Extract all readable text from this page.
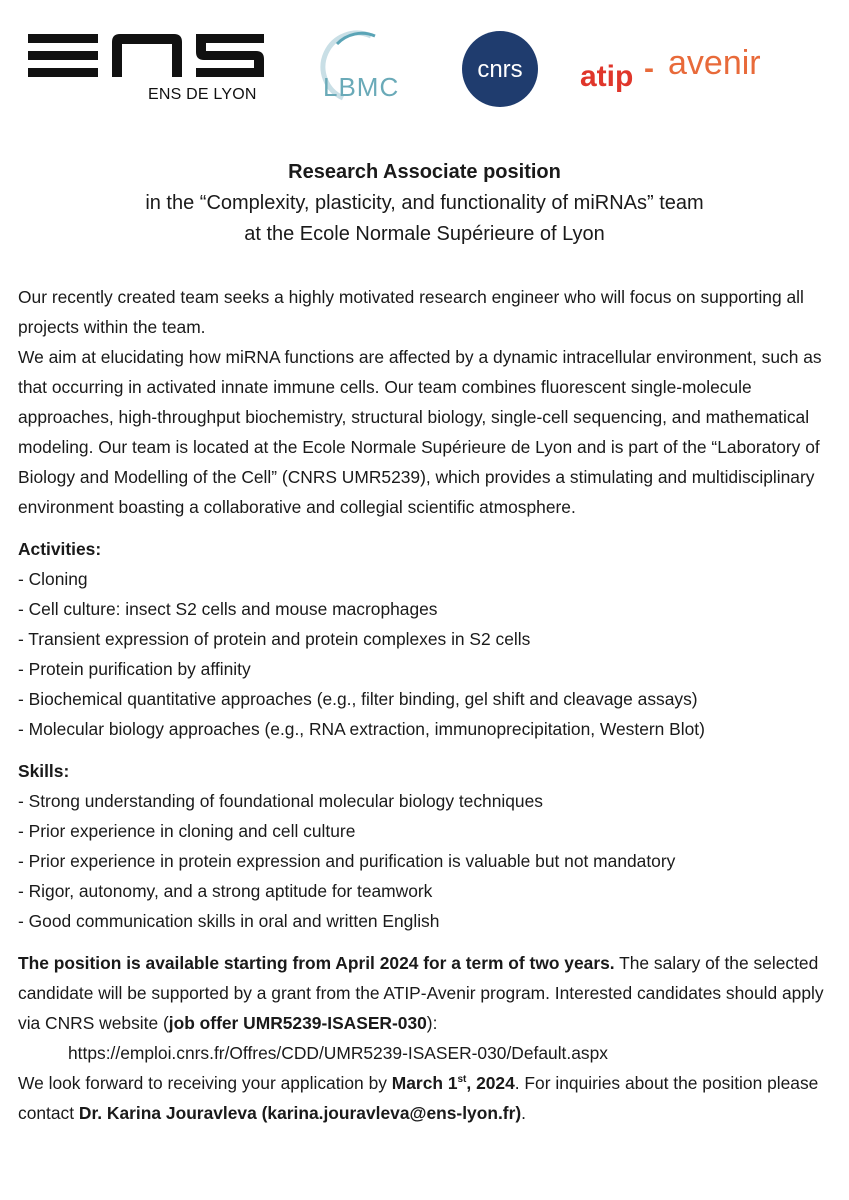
ENS DE LYON	LBMC
cnrs atip - avenir
Research Associate position
in the “Complexity, plasticity, and functionality of miRNAs” team
at the Ecole Normale Supérieure of Lyon

Our recently created team seeks a highly motivated research engineer who will focus on supporting all projects within the team.

We aim at elucidating how miRNA functions are affected by a dynamic intracellular environment, such as that occurring in activated innate immune cells. Our team combines fluorescent single-molecule approaches, high-throughput biochemistry, structural biology, single-cell sequencing, and mathematical modeling. Our team is located at the Ecole Normale Supérieure de Lyon and is part of the “Laboratory of Biology and Modelling of the Cell” (CNRS UMR5239), which provides a stimulating and multidisciplinary environment boasting a collaborative and collegial scientific atmosphere.

Activities:

- Cloning

- Cell culture: insect S2 cells and mouse macrophages

- Transient expression of protein and protein complexes in S2 cells

- Protein purification by affinity

- Biochemical quantitative approaches (e.g., filter binding, gel shift and cleavage assays)

- Molecular biology approaches (e.g., RNA extraction, immunoprecipitation, Western Blot)

Skills:

- Strong understanding of foundational molecular biology techniques

- Prior experience in cloning and cell culture

- Prior experience in protein expression and purification is valuable but not mandatory

- Rigor, autonomy, and a strong aptitude for teamwork

- Good communication skills in oral and written English

The position is available starting from April 2024 for a term of two years. The salary of the selected candidate will be supported by a grant from the ATIP-Avenir program. Interested candidates should apply via CNRS website (job offer UMR5239-ISASER-030):

https://emploi.cnrs.fr/Offres/CDD/UMR5239-ISASER-030/Default.aspx

We look forward to receiving your application by March 1st, 2024. For inquiries about the position please contact Dr. Karina Jouravleva (karina.jouravleva@ens-lyon.fr).
